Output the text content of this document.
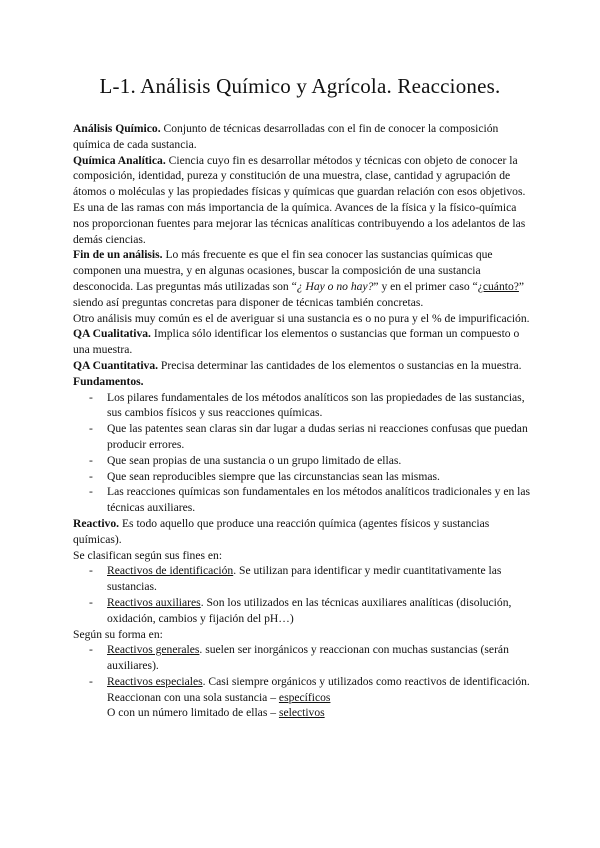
L-1. Análisis Químico y Agrícola. Reacciones.

Análisis Químico. Conjunto de técnicas desarrolladas con el fin de conocer la composición química de cada sustancia.

Química Analítica. Ciencia cuyo fin es desarrollar métodos y técnicas con objeto de conocer la composición, identidad, pureza y constitución de una muestra, clase, cantidad y agrupación de átomos o moléculas y las propiedades físicas y químicas que guardan relación con esos objetivos.

Es una de las ramas con más importancia de la química. Avances de la física y la físico-química nos proporcionan fuentes para mejorar las técnicas analíticas contribuyendo a los adelantos de las demás ciencias.

Fin de un análisis. Lo más frecuente es que el fin sea conocer las sustancias químicas que componen una muestra, y en algunas ocasiones, buscar la composición de una sustancia desconocida. Las preguntas más utilizadas son “¿ Hay o no hay?” y en el primer caso “¿cuánto?” siendo así preguntas concretas para disponer de técnicas también concretas.

Otro análisis muy común es el de averiguar si una sustancia es o no pura y el % de impurificación.

QA Cualitativa. Implica sólo identificar los elementos o sustancias que forman un compuesto o una muestra.

QA Cuantitativa. Precisa determinar las cantidades de los elementos o sustancias en la muestra.

Fundamentos.

- Los pilares fundamentales de los métodos analíticos son las propiedades de las sustancias, sus cambios físicos y sus reacciones químicas.
- Que las patentes sean claras sin dar lugar a dudas serias ni reacciones confusas que puedan producir errores.
- Que sean propias de una sustancia o un grupo limitado de ellas.
- Que sean reproducibles siempre que las circunstancias sean las mismas.
- Las reacciones químicas son fundamentales en los métodos analíticos tradicionales y en las técnicas auxiliares.

Reactivo. Es todo aquello que produce una reacción química (agentes físicos y sustancias químicas).

Se clasifican según sus fines en:

- Reactivos de identificación. Se utilizan para identificar y medir cuantitativamente las sustancias.
- Reactivos auxiliares. Son los utilizados en las técnicas auxiliares analíticas (disolución, oxidación, cambios y fijación del pH…)

Según su forma en:

- Reactivos generales. suelen ser inorgánicos y reaccionan con muchas sustancias (serán auxiliares).
- Reactivos especiales. Casi siempre orgánicos y utilizados como reactivos de identificación. Reaccionan con una sola sustancia – específicos
O con un número limitado de ellas – selectivos
